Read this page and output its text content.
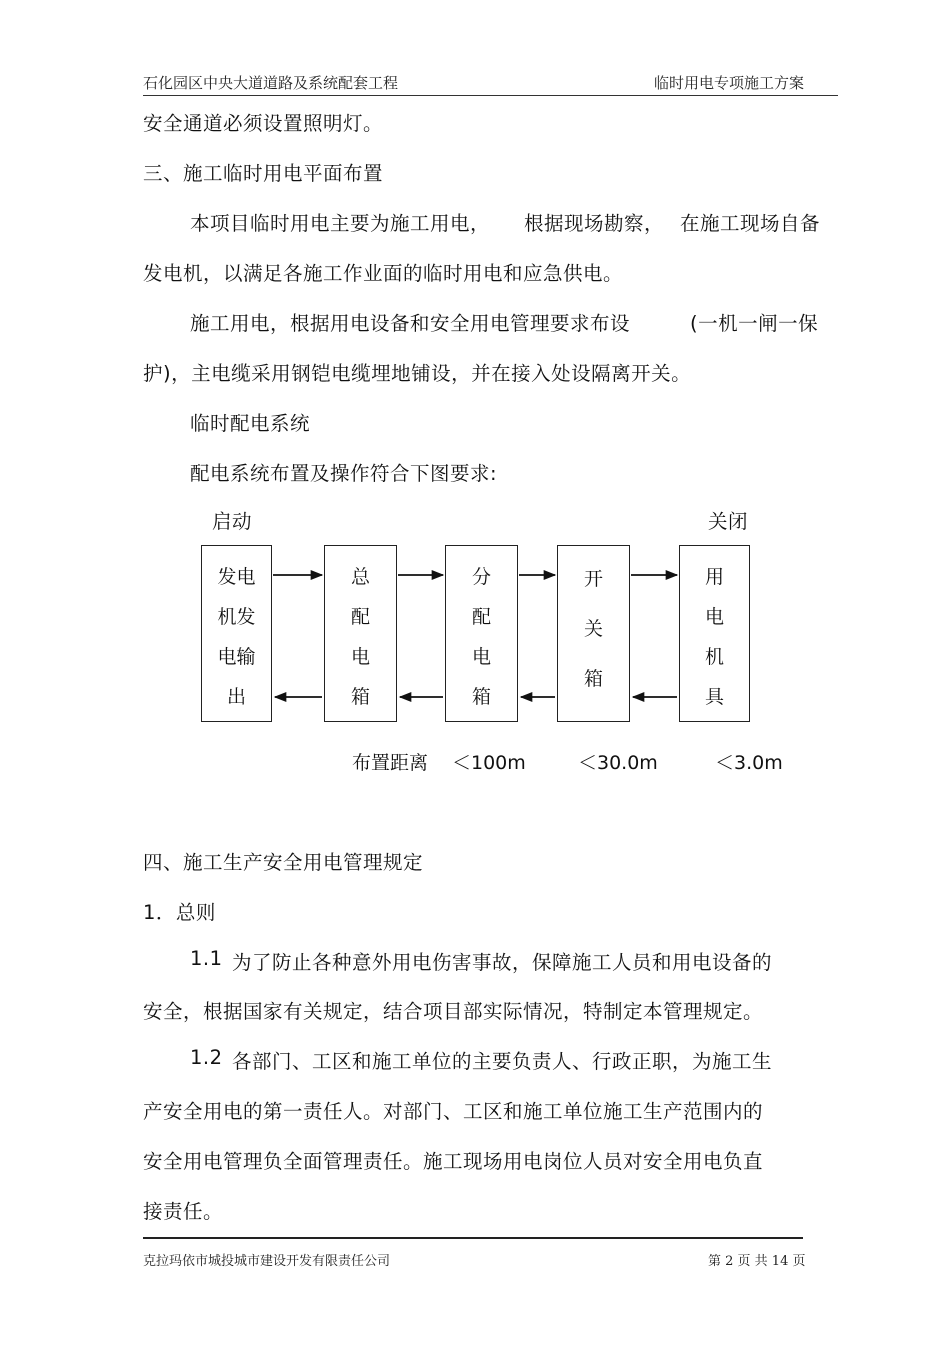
石化园区中央大道道路及系统配套工程	临时用电专项施工方案
安全通道必须设置照明灯。
三、施工临时用电平面布置
本项目临时用电主要为施工用电， 根据现场勘察， 在施工现场自备
发电机，以满足各施工作业面的临时用电和应急供电。
施工用电，根据用电设备和安全用电管理要求布设	(一机一闸一保
护)，主电缆采用钢铠电缆埋地铺设，并在接入处设隔离开关。
临时配电系统
配电系统布置及操作符合下图要求:
启动	关闭
发电
机发
电输
出
总
配
电
箱
分
配
电
箱
开
关
箱
用
电
机
具
布置距离 ＜100m	＜30.0m	＜3.0m
四、施工生产安全用电管理规定
1．总则
1.1 为了防止各种意外用电伤害事故，保障施工人员和用电设备的
安全，根据国家有关规定，结合项目部实际情况，特制定本管理规定。
1.2 各部门、工区和施工单位的主要负责人、行政正职，为施工生
产安全用电的第一责任人。对部门、工区和施工单位施工生产范围内的
安全用电管理负全面管理责任。施工现场用电岗位人员对安全用电负直
接责任。
克拉玛依市城投城市建设开发有限责任公司	第 2 页 共 14 页
